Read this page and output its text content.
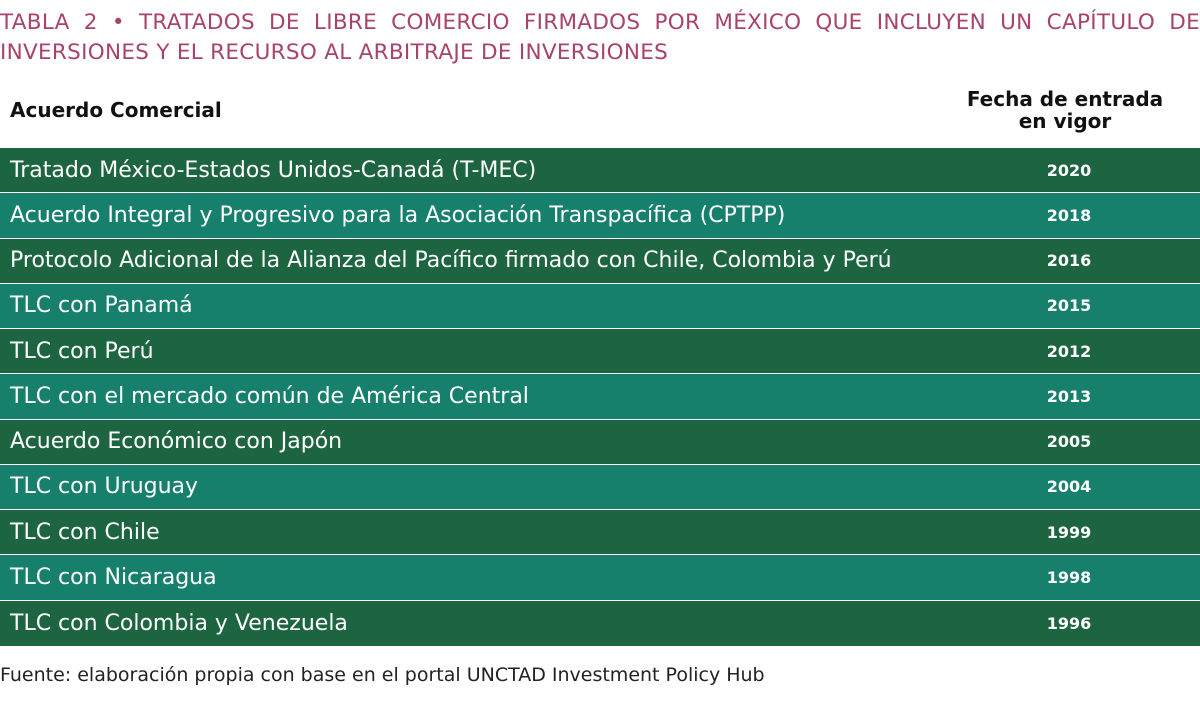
TABLA 2 • TRATADOS DE LIBRE COMERCIO FIRMADOS POR MÉXICO QUE INCLUYEN UN CAPÍTULO DE INVERSIONES Y EL RECURSO AL ARBITRAJE DE INVERSIONES

Acuerdo Comercial	Fecha de entrada
en vigor
Tratado México-Estados Unidos-Canadá (T-MEC)	2020
Acuerdo Integral y Progresivo para la Asociación Transpacífica (CPTPP)	2018
Protocolo Adicional de la Alianza del Pacífico firmado con Chile, Colombia y Perú	2016
TLC con Panamá	2015
TLC con Perú	2012
TLC con el mercado común de América Central	2013
Acuerdo Económico con Japón	2005
TLC con Uruguay	2004
TLC con Chile	1999
TLC con Nicaragua	1998
TLC con Colombia y Venezuela	1996
Fuente: elaboración propia con base en el portal UNCTAD Investment Policy Hub
